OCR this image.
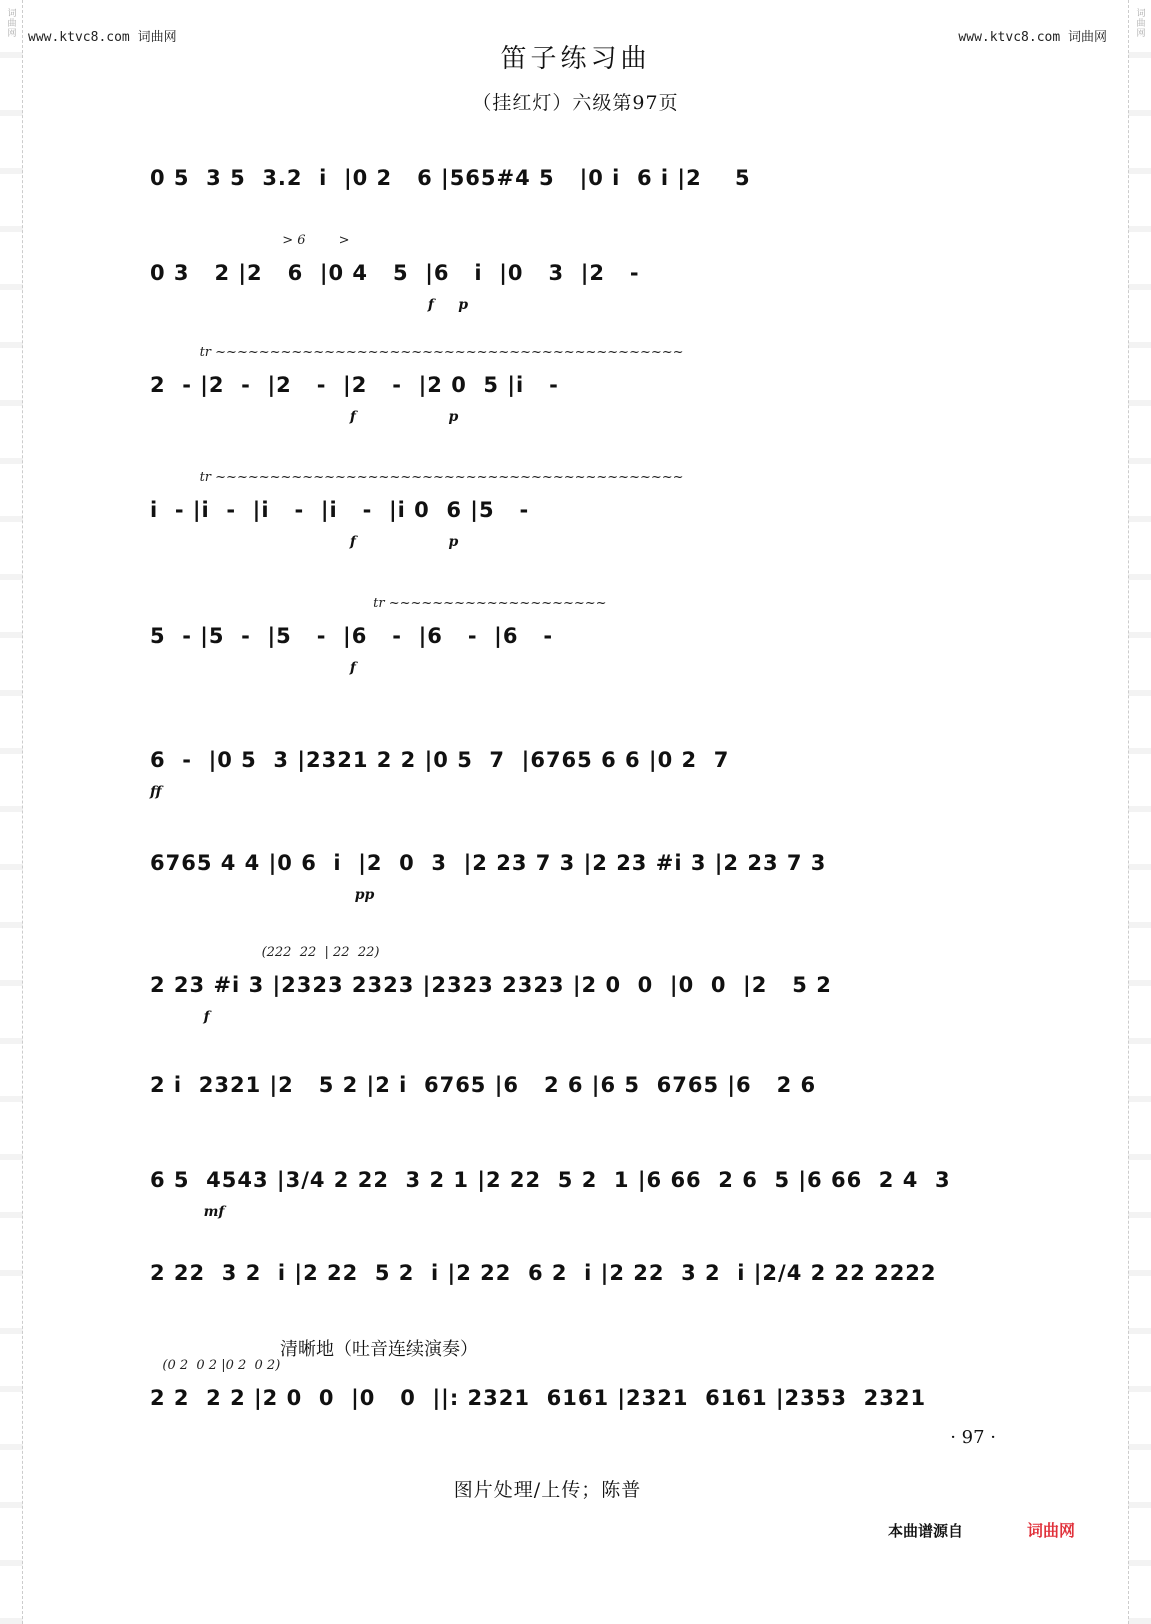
词曲网	词曲网
www.ktvc8.com 词曲网	www.ktvc8.com 词曲网
笛子练习曲
（挂红灯）六级第97页
0 5  3 5  3.2  i  |0 2   6 |565#4 5   |0 i  6 i |2    5
> 6        >
0 3   2 |2   6  |0 4   5  |6   i  |0   3  |2   -
f     p
tr ~~~~~~~~~~~~~~~~~~~~~~~~~~~~~~~~~~~~~~~~~~~
2  - |2  -  |2   -  |2   -  |2 0  5 |i   -
f                   p
tr ~~~~~~~~~~~~~~~~~~~~~~~~~~~~~~~~~~~~~~~~~~~
i  - |i  -  |i   -  |i   -  |i 0  6 |5   -
f                   p
tr ~~~~~~~~~~~~~~~~~~~~
5  - |5  -  |5   -  |6   -  |6   -  |6   -
f
6  -  |0 5  3 |2321 2 2 |0 5  7  |6765 6 6 |0 2  7
ff
6765 4 4 |0 6  i  |2  0  3  |2 23 7 3 |2 23 #i 3 |2 23 7 3
pp
(222  22  | 22  22)
2 23 #i 3 |2323 2323 |2323 2323 |2 0  0  |0  0  |2   5 2
f
2 i  2321 |2   5 2 |2 i  6765 |6   2 6 |6 5  6765 |6   2 6
6 5  4543 |3/4 2 22  3 2 1 |2 22  5 2  1 |6 66  2 6  5 |6 66  2 4  3
mf
2 22  3 2  i |2 22  5 2  i |2 22  6 2  i |2 22  3 2  i |2/4 2 22 2222
(0 2  0 2 |0 2  0 2)
2 2  2 2 |2 0  0  |0   0  ||: 2321  6161 |2321  6161 |2353  2321
清晰地（吐音连续演奏）
· 97 ·
图片处理/上传；陈普
本曲谱源自	词曲网
